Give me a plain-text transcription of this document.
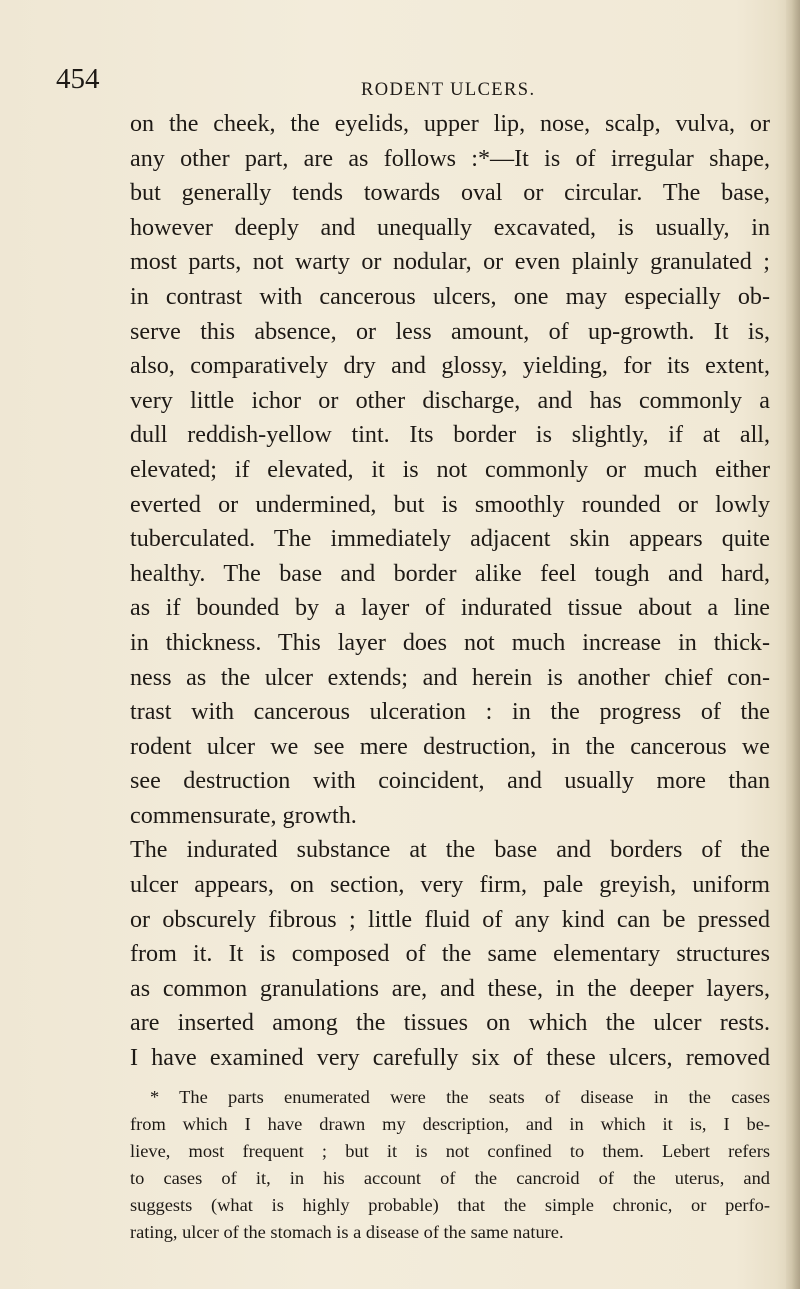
454	RODENT ULCERS.
on the cheek, the eyelids, upper lip, nose, scalp, vulva, or
any other part, are as follows :*—It is of irregular shape,
but generally tends towards oval or circular. The base,
however deeply and unequally excavated, is usually, in
most parts, not warty or nodular, or even plainly granulated ;
in contrast with cancerous ulcers, one may especially ob-
serve this absence, or less amount, of up-growth. It is,
also, comparatively dry and glossy, yielding, for its extent,
very little ichor or other discharge, and has commonly a
dull reddish-yellow tint. Its border is slightly, if at all,
elevated; if elevated, it is not commonly or much either
everted or undermined, but is smoothly rounded or lowly
tuberculated. The immediately adjacent skin appears quite
healthy. The base and border alike feel tough and hard,
as if bounded by a layer of indurated tissue about a line
in thickness. This layer does not much increase in thick-
ness as the ulcer extends; and herein is another chief con-
trast with cancerous ulceration : in the progress of the
rodent ulcer we see mere destruction, in the cancerous we
see destruction with coincident, and usually more than
commensurate, growth.
The indurated substance at the base and borders of the
ulcer appears, on section, very firm, pale greyish, uniform
or obscurely fibrous ; little fluid of any kind can be pressed
from it. It is composed of the same elementary structures
as common granulations are, and these, in the deeper layers,
are inserted among the tissues on which the ulcer rests.
I have examined very carefully six of these ulcers, removed
* The parts enumerated were the seats of disease in the cases
from which I have drawn my description, and in which it is, I be-
lieve, most frequent ; but it is not confined to them. Lebert refers
to cases of it, in his account of the cancroid of the uterus, and
suggests (what is highly probable) that the simple chronic, or perfo-
rating, ulcer of the stomach is a disease of the same nature.
